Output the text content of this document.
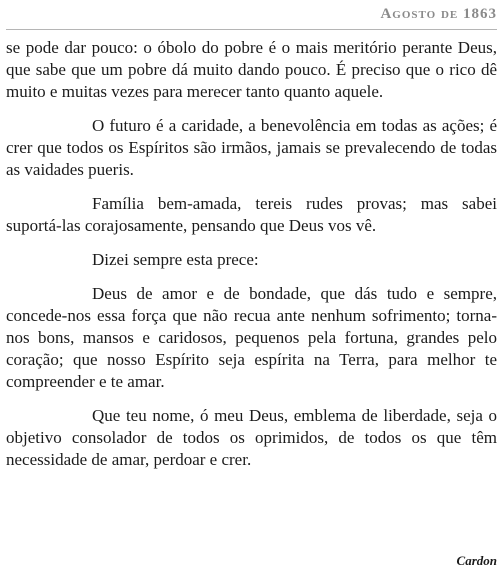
Agosto de 1863

se pode dar pouco: o óbolo do pobre é o mais meritório perante Deus, que sabe que um pobre dá muito dando pouco. É preciso que o rico dê muito e muitas vezes para merecer tanto quanto aquele.

O futuro é a caridade, a benevolência em todas as ações; é crer que todos os Espíritos são irmãos, jamais se prevalecendo de todas as vaidades pueris.

Família bem-amada, tereis rudes provas; mas sabei suportá-las corajosamente, pensando que Deus vos vê.

Dizei sempre esta prece:

Deus de amor e de bondade, que dás tudo e sempre, concede-nos essa força que não recua ante nenhum sofrimento; torna-nos bons, mansos e caridosos, pequenos pela fortuna, grandes pelo coração; que nosso Espírito seja espírita na Terra, para melhor te compreender e te amar.

Que teu nome, ó meu Deus, emblema de liberdade, seja o objetivo consolador de todos os oprimidos, de todos os que têm necessidade de amar, perdoar e crer.

Cardon
